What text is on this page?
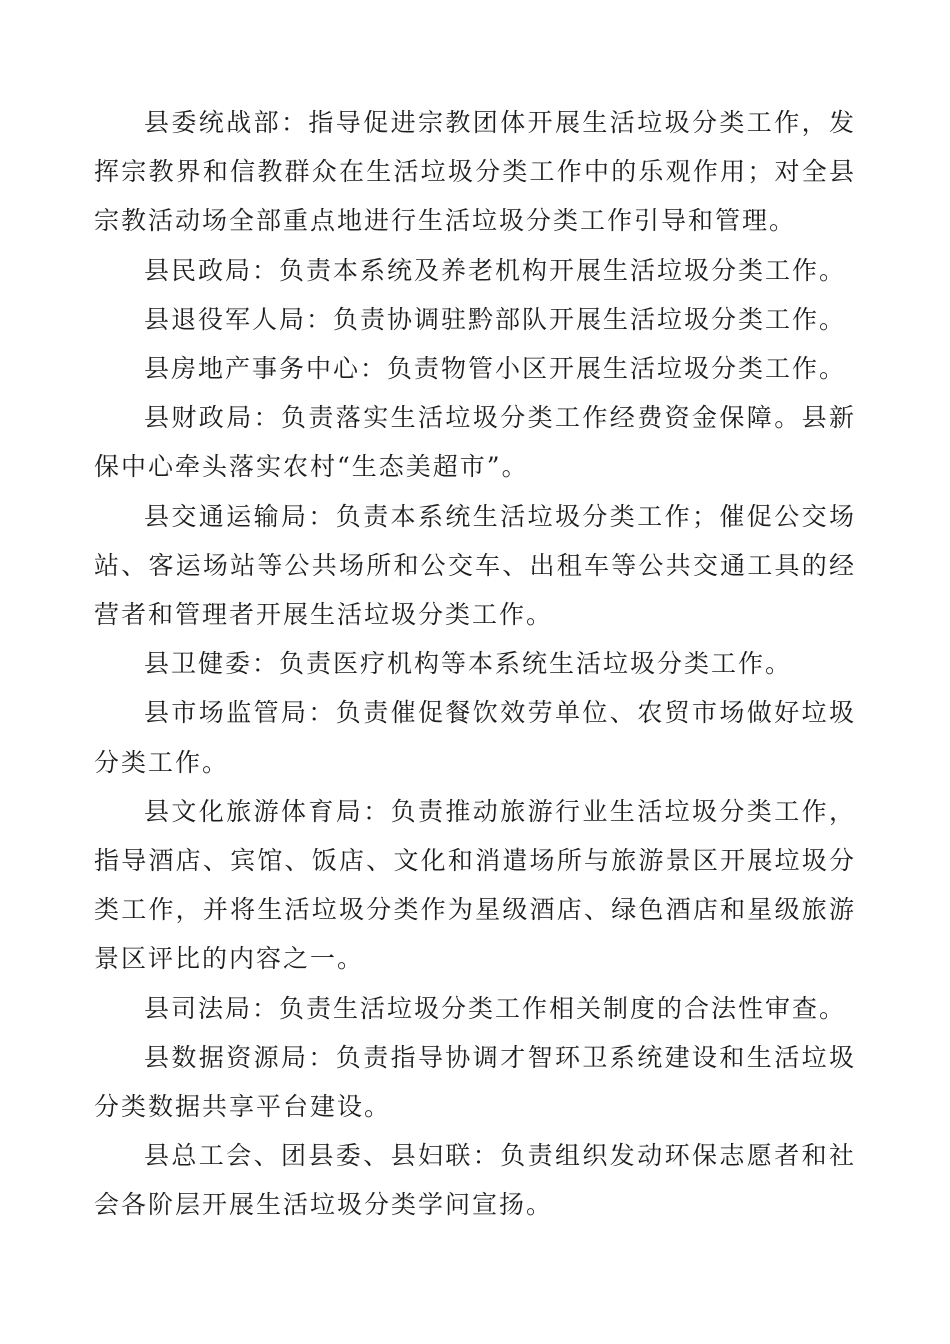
县委统战部：指导促进宗教团体开展生活垃圾分类工作，发挥宗教界和信教群众在生活垃圾分类工作中的乐观作用；对全县宗教活动场全部重点地进行生活垃圾分类工作引导和管理。

县民政局：负责本系统及养老机构开展生活垃圾分类工作。

县退役军人局：负责协调驻黔部队开展生活垃圾分类工作。

县房地产事务中心：负责物管小区开展生活垃圾分类工作。

县财政局：负责落实生活垃圾分类工作经费资金保障。县新保中心牵头落实农村“生态美超市”。

县交通运输局：负责本系统生活垃圾分类工作；催促公交场站、客运场站等公共场所和公交车、出租车等公共交通工具的经营者和管理者开展生活垃圾分类工作。

县卫健委：负责医疗机构等本系统生活垃圾分类工作。

县市场监管局：负责催促餐饮效劳单位、农贸市场做好垃圾分类工作。

县文化旅游体育局：负责推动旅游行业生活垃圾分类工作，指导酒店、宾馆、饭店、文化和消遣场所与旅游景区开展垃圾分类工作，并将生活垃圾分类作为星级酒店、绿色酒店和星级旅游景区评比的内容之一。

县司法局：负责生活垃圾分类工作相关制度的合法性审查。

县数据资源局：负责指导协调才智环卫系统建设和生活垃圾分类数据共享平台建设。

县总工会、团县委、县妇联：负责组织发动环保志愿者和社会各阶层开展生活垃圾分类学问宣扬。
